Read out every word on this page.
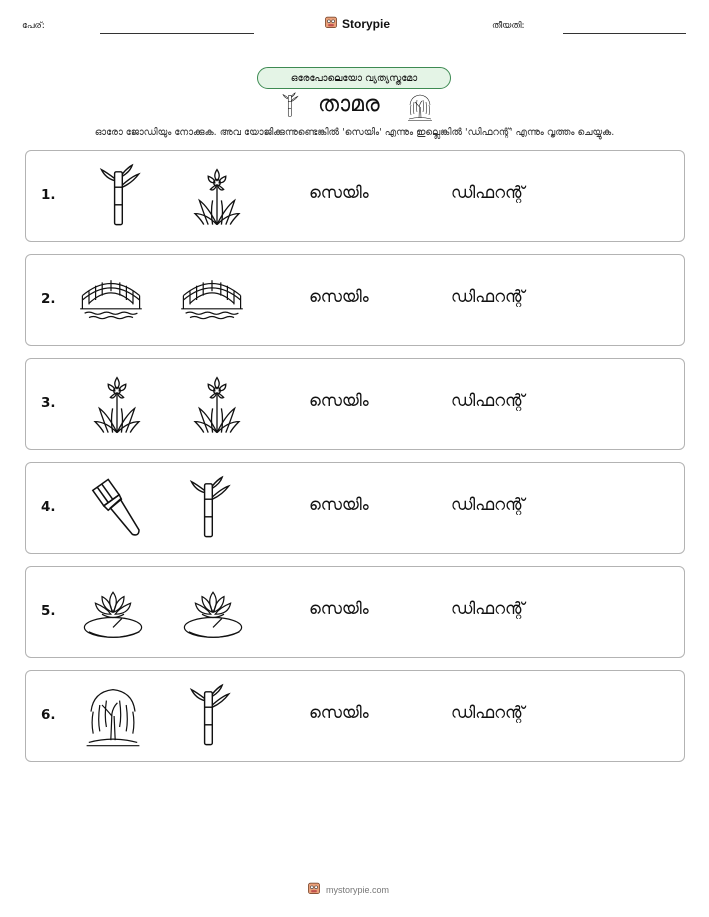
പേര്:	Storypie	തീയതി:
ഒരേപോലെയോ വ്യത്യസ്തമോ
താമര
ഓരോ ജോഡിയും നോക്കുക. അവ യോജിക്കുന്നുണ്ടെങ്കിൽ 'സെയിം' എന്നും ഇല്ലെങ്കിൽ 'ഡിഫറന്റ്' എന്നും വൃത്തം ചെയ്യുക.
1.	സെയിം	ഡിഫറന്റ്
2.	സെയിം	ഡിഫറന്റ്
3.	സെയിം	ഡിഫറന്റ്
4.	സെയിം	ഡിഫറന്റ്
5.	സെയിം	ഡിഫറന്റ്
6.	സെയിം	ഡിഫറന്റ്
mystorypie.com
